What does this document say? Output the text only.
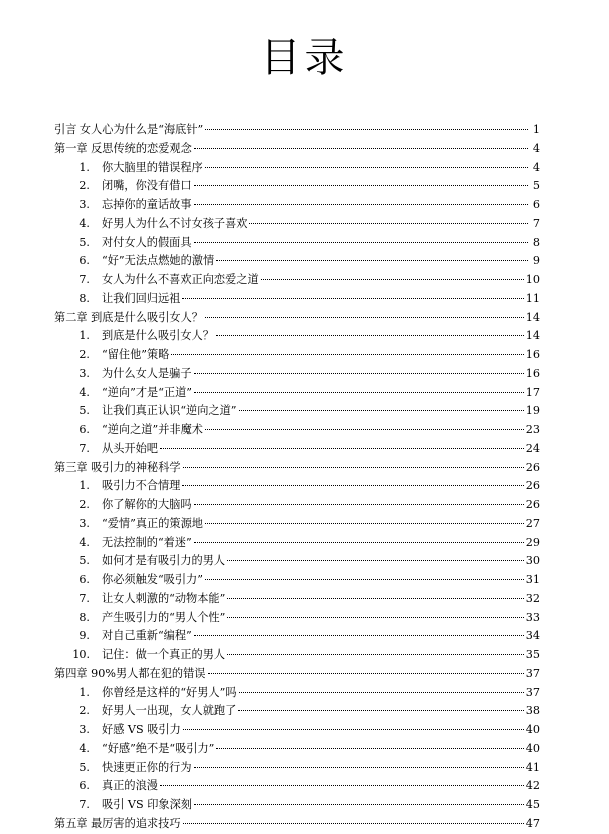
目录
引言 女人心为什么是“海底针”	1
第一章 反思传统的恋爱观念	4
1.	你大脑里的错误程序	4
2.	闭嘴，你没有借口	5
3.	忘掉你的童话故事	6
4.	好男人为什么不讨女孩子喜欢	7
5.	对付女人的假面具	8
6.	“好”无法点燃她的激情	9
7.	女人为什么不喜欢正向恋爱之道	10
8.	让我们回归远祖	11
第二章 到底是什么吸引女人？	14
1.	到底是什么吸引女人？	14
2.	“留住他”策略	16
3.	为什么女人是骗子	16
4.	“逆向”才是“正道”	17
5.	让我们真正认识“逆向之道”	19
6.	“逆向之道”并非魔术	23
7.	从头开始吧	24
第三章 吸引力的神秘科学	26
1.	吸引力不合情理	26
2.	你了解你的大脑吗	26
3.	“爱情”真正的策源地	27
4.	无法控制的“着迷”	29
5.	如何才是有吸引力的男人	30
6.	你必须触发“吸引力”	31
7.	让女人刺激的“动物本能”	32
8.	产生吸引力的“男人个性”	33
9.	对自己重新“编程”	34
10.	记住：做一个真正的男人	35
第四章 90%男人都在犯的错误	37
1.	你曾经是这样的“好男人”吗	37
2.	好男人一出现，女人就跑了	38
3.	好感 VS 吸引力	40
4.	“好感”绝不是“吸引力”	40
5.	快速更正你的行为	41
6.	真正的浪漫	42
7.	吸引 VS 印象深刻	45
第五章 最厉害的追求技巧	47
